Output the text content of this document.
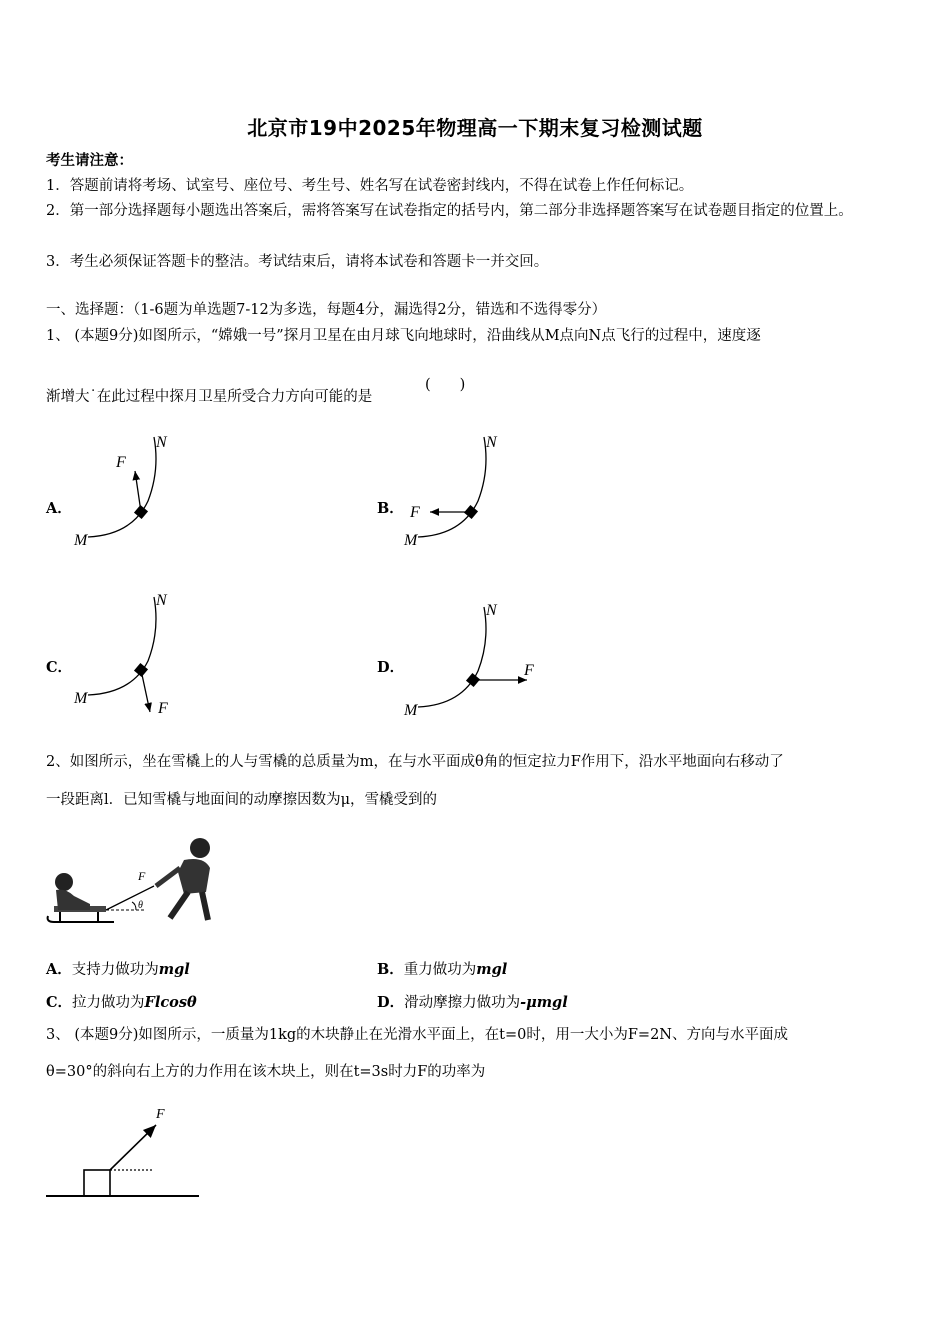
北京市19中2025年物理高一下期末复习检测试题
考生请注意：
1．答题前请将考场、试室号、座位号、考生号、姓名写在试卷密封线内，不得在试卷上作任何标记。
2．第一部分选择题每小题选出答案后，需将答案写在试卷指定的括号内，第二部分非选择题答案写在试卷题目指定的位置上。
3．考生必须保证答题卡的整洁。考试结束后，请将本试卷和答题卡一并交回。
一、选择题：（1-6题为单选题7-12为多选，每题4分，漏选得2分，错选和不选得零分）
1、 (本题9分)如图所示，“嫦娥一号”探月卫星在由月球飞向地球时，沿曲线从M点向N点飞行的过程中，速度逐
渐增大˙在此过程中探月卫星所受合力方向可能的是
(　　)
A．	B．
C．	D．
N
F
M
N
F
M
N
F
M
N
F
M
2、如图所示，坐在雪橇上的人与雪橇的总质量为m，在与水平面成θ角的恒定拉力F作用下，沿水平地面向右移动了
一段距离l．已知雪橇与地面间的动摩擦因数为μ，雪橇受到的
θ
F
A．支持力做功为mgl	B．重力做功为mgl
C．拉力做功为Flcosθ	D．滑动摩擦力做功为-μmgl
3、 (本题9分)如图所示，一质量为1kg的木块静止在光滑水平面上，在t=0时，用一大小为F=2N、方向与水平面成
θ=30°的斜向右上方的力作用在该木块上，则在t=3s时力F的功率为
F
